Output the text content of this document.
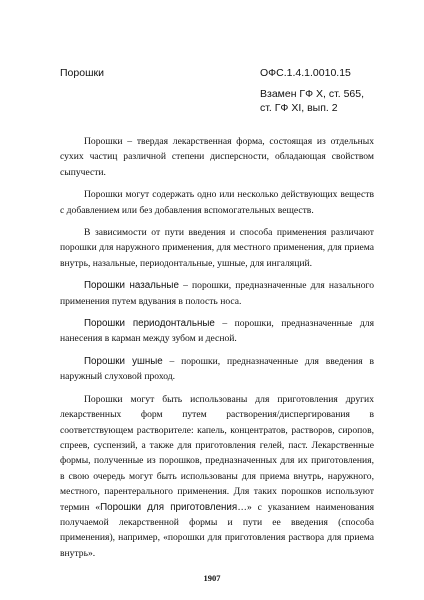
Порошки	ОФС.1.4.1.0010.15
Взамен ГФ X, ст. 565,
ст. ГФ XI, вып. 2

Порошки – твердая лекарственная форма, состоящая из отдельных сухих частиц различной степени дисперсности, обладающая свойством сыпучести.

Порошки могут содержать одно или несколько действующих веществ с добавлением или без добавления вспомогательных веществ.

В зависимости от пути введения и способа применения различают порошки для наружного применения, для местного применения, для приема внутрь, назальные, периодонтальные, ушные, для ингаляций.

Порошки назальные – порошки, предназначенные для назального применения путем вдувания в полость носа.

Порошки периодонтальные – порошки, предназначенные для нанесения в карман между зубом и десной.

Порошки ушные – порошки, предназначенные для введения в наружный слуховой проход.

Порошки могут быть использованы для приготовления других лекарственных форм путем растворения/диспергирования в соответствующем растворителе: капель, концентратов, растворов, сиропов, спреев, суспензий, а также для приготовления гелей, паст. Лекарственные формы, полученные из порошков, предназначенных для их приготовления, в свою очередь могут быть использованы для приема внутрь, наружного, местного, парентерального применения. Для таких порошков используют термин «Порошки для приготовления…» с указанием наименования получаемой лекарственной формы и пути ее введения (способа применения), например, «порошки для приготовления раствора для приема внутрь».

1907
